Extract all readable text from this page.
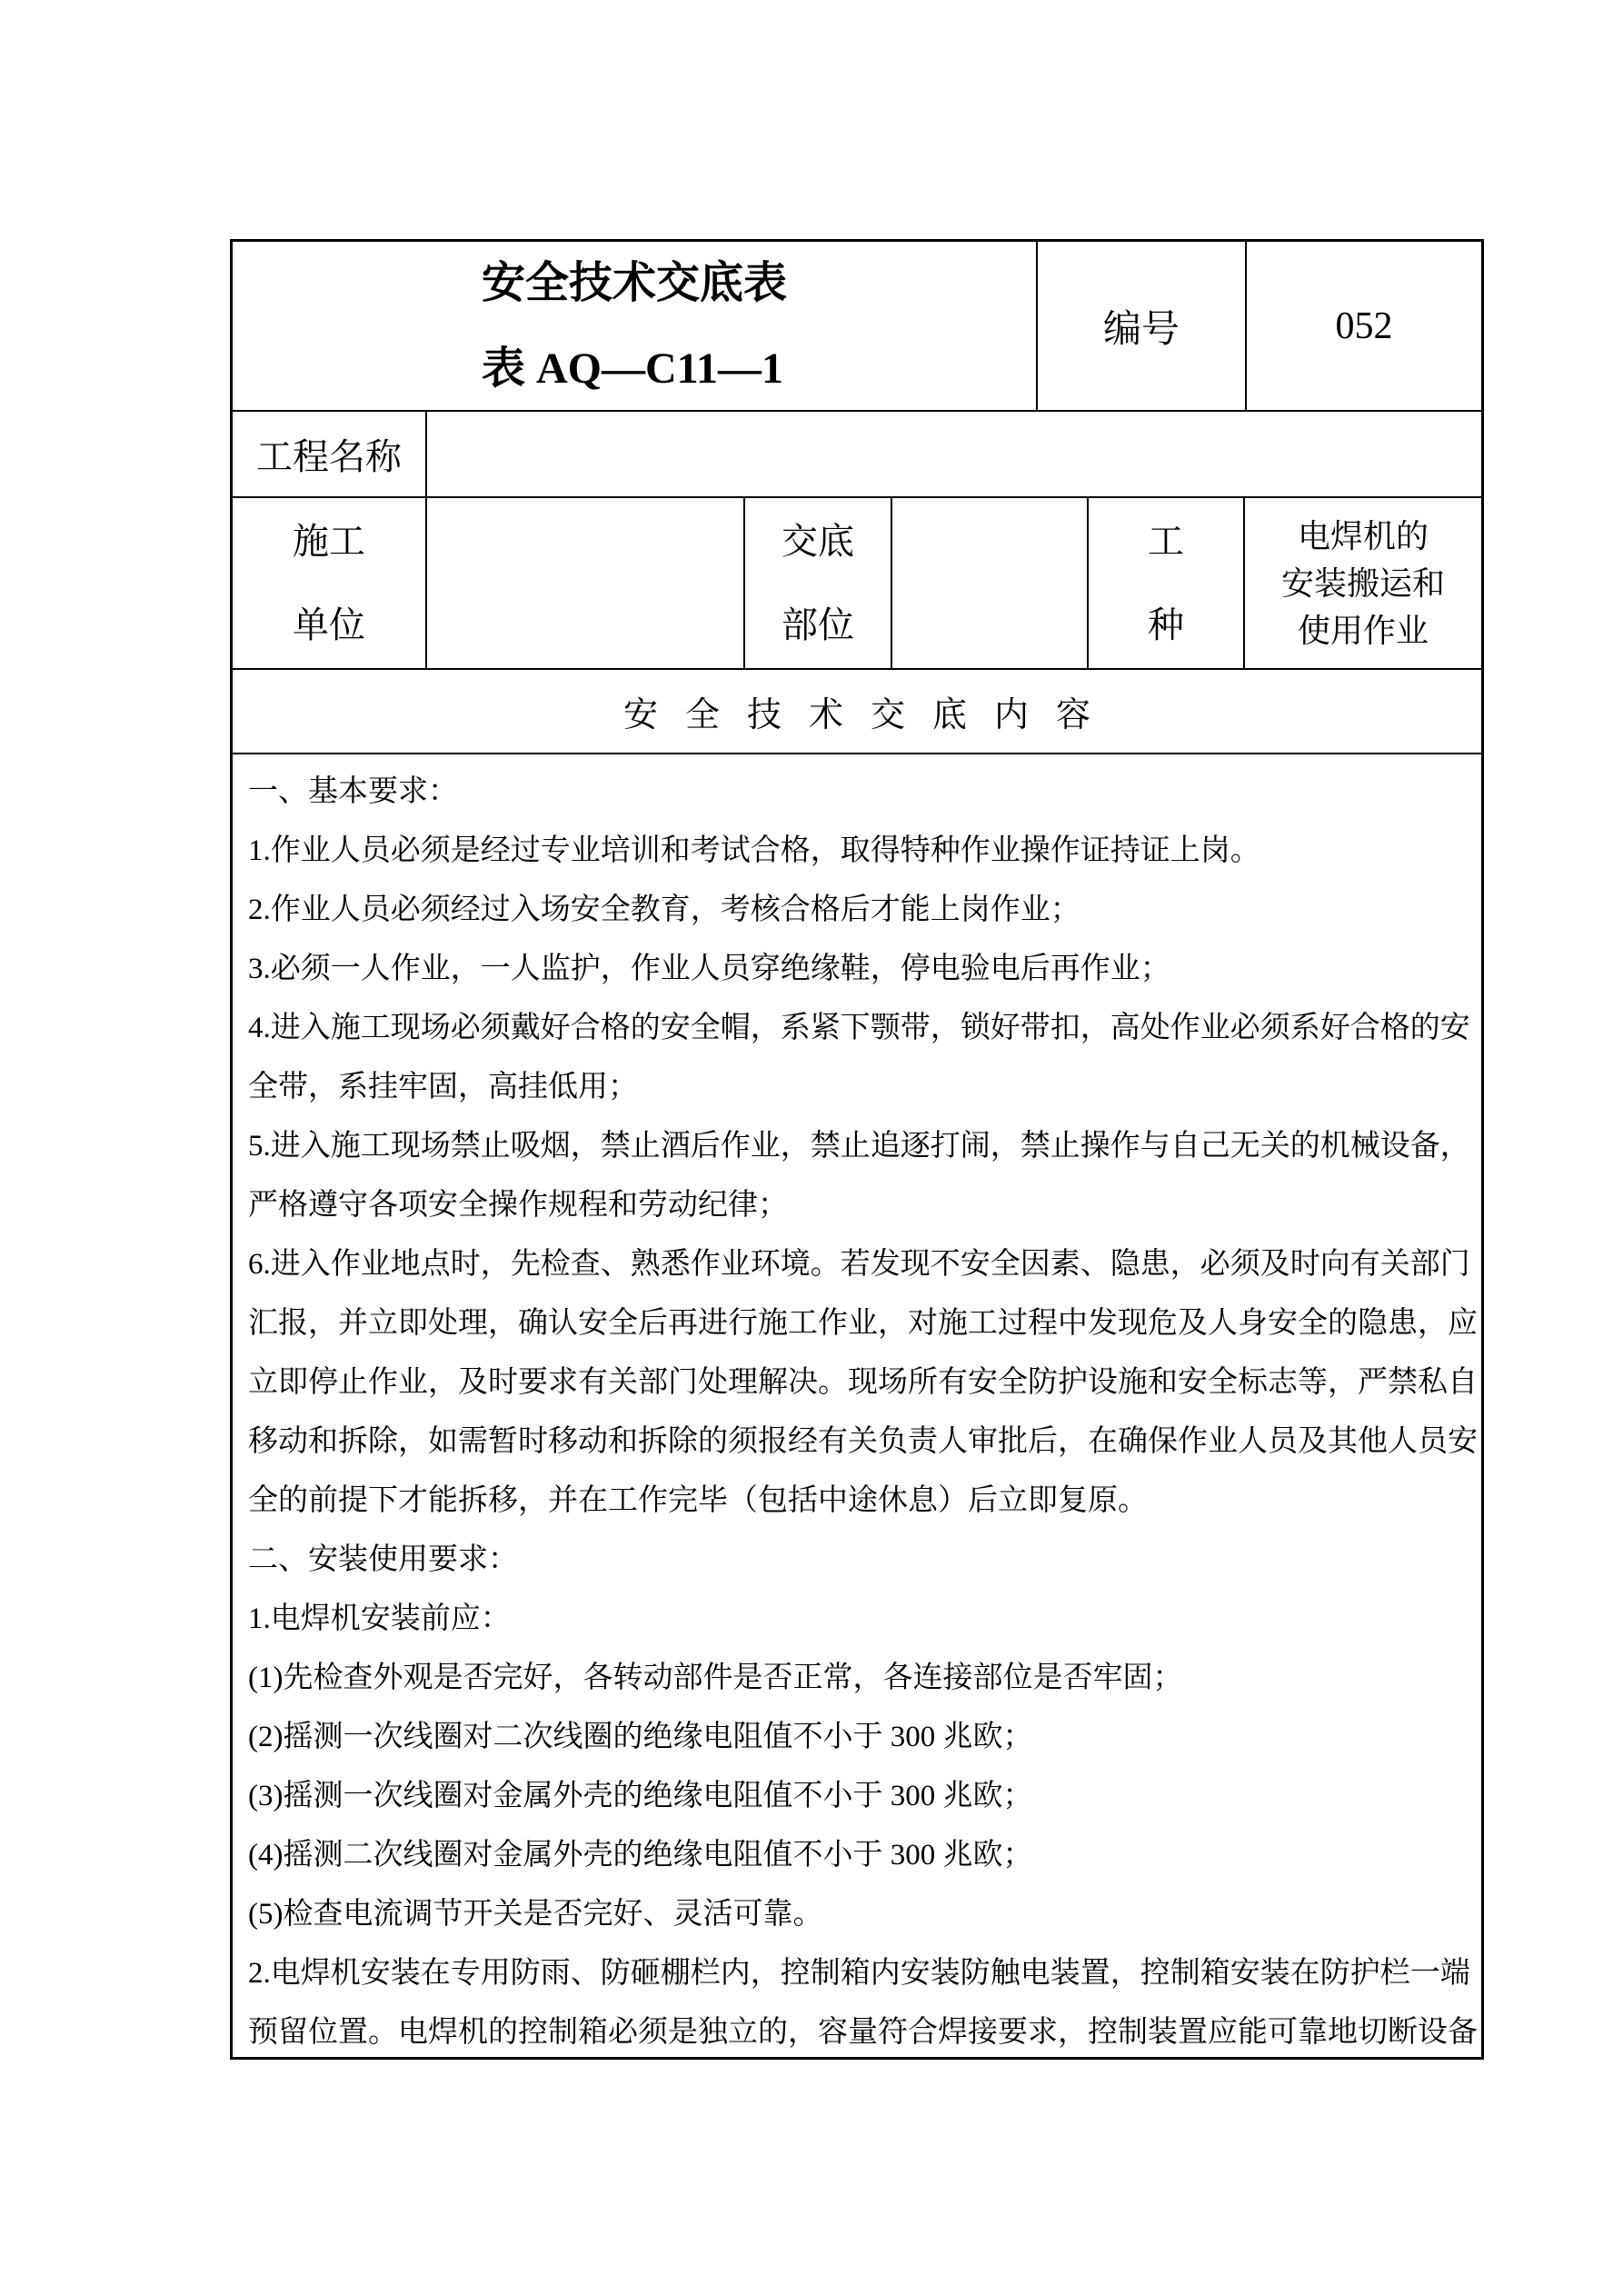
安全技术交底表
表 AQ—C11—1
编号	052
工程名称
施工
单位
交底
部位
工
种
电焊机的
安装搬运和
使用作业
安全技术交底内容
一、基本要求：
1.作业人员必须是经过专业培训和考试合格，取得特种作业操作证持证上岗。
2.作业人员必须经过入场安全教育，考核合格后才能上岗作业；
3.必须一人作业，一人监护，作业人员穿绝缘鞋，停电验电后再作业；
4.进入施工现场必须戴好合格的安全帽，系紧下颚带，锁好带扣，高处作业必须系好合格的安
全带，系挂牢固，高挂低用；
5.进入施工现场禁止吸烟，禁止酒后作业，禁止追逐打闹，禁止操作与自己无关的机械设备，
严格遵守各项安全操作规程和劳动纪律；
6.进入作业地点时，先检查、熟悉作业环境。若发现不安全因素、隐患，必须及时向有关部门
汇报，并立即处理，确认安全后再进行施工作业，对施工过程中发现危及人身安全的隐患，应
立即停止作业，及时要求有关部门处理解决。现场所有安全防护设施和安全标志等，严禁私自
移动和拆除，如需暂时移动和拆除的须报经有关负责人审批后，在确保作业人员及其他人员安
全的前提下才能拆移，并在工作完毕（包括中途休息）后立即复原。
二、安装使用要求：
1.电焊机安装前应：
(1)先检查外观是否完好，各转动部件是否正常，各连接部位是否牢固；
(2)摇测一次线圈对二次线圈的绝缘电阻值不小于 300 兆欧；
(3)摇测一次线圈对金属外壳的绝缘电阻值不小于 300 兆欧；
(4)摇测二次线圈对金属外壳的绝缘电阻值不小于 300 兆欧；
(5)检查电流调节开关是否完好、灵活可靠。
2.电焊机安装在专用防雨、防砸棚栏内，控制箱内安装防触电装置，控制箱安装在防护栏一端
预留位置。电焊机的控制箱必须是独立的，容量符合焊接要求，控制装置应能可靠地切断设备
